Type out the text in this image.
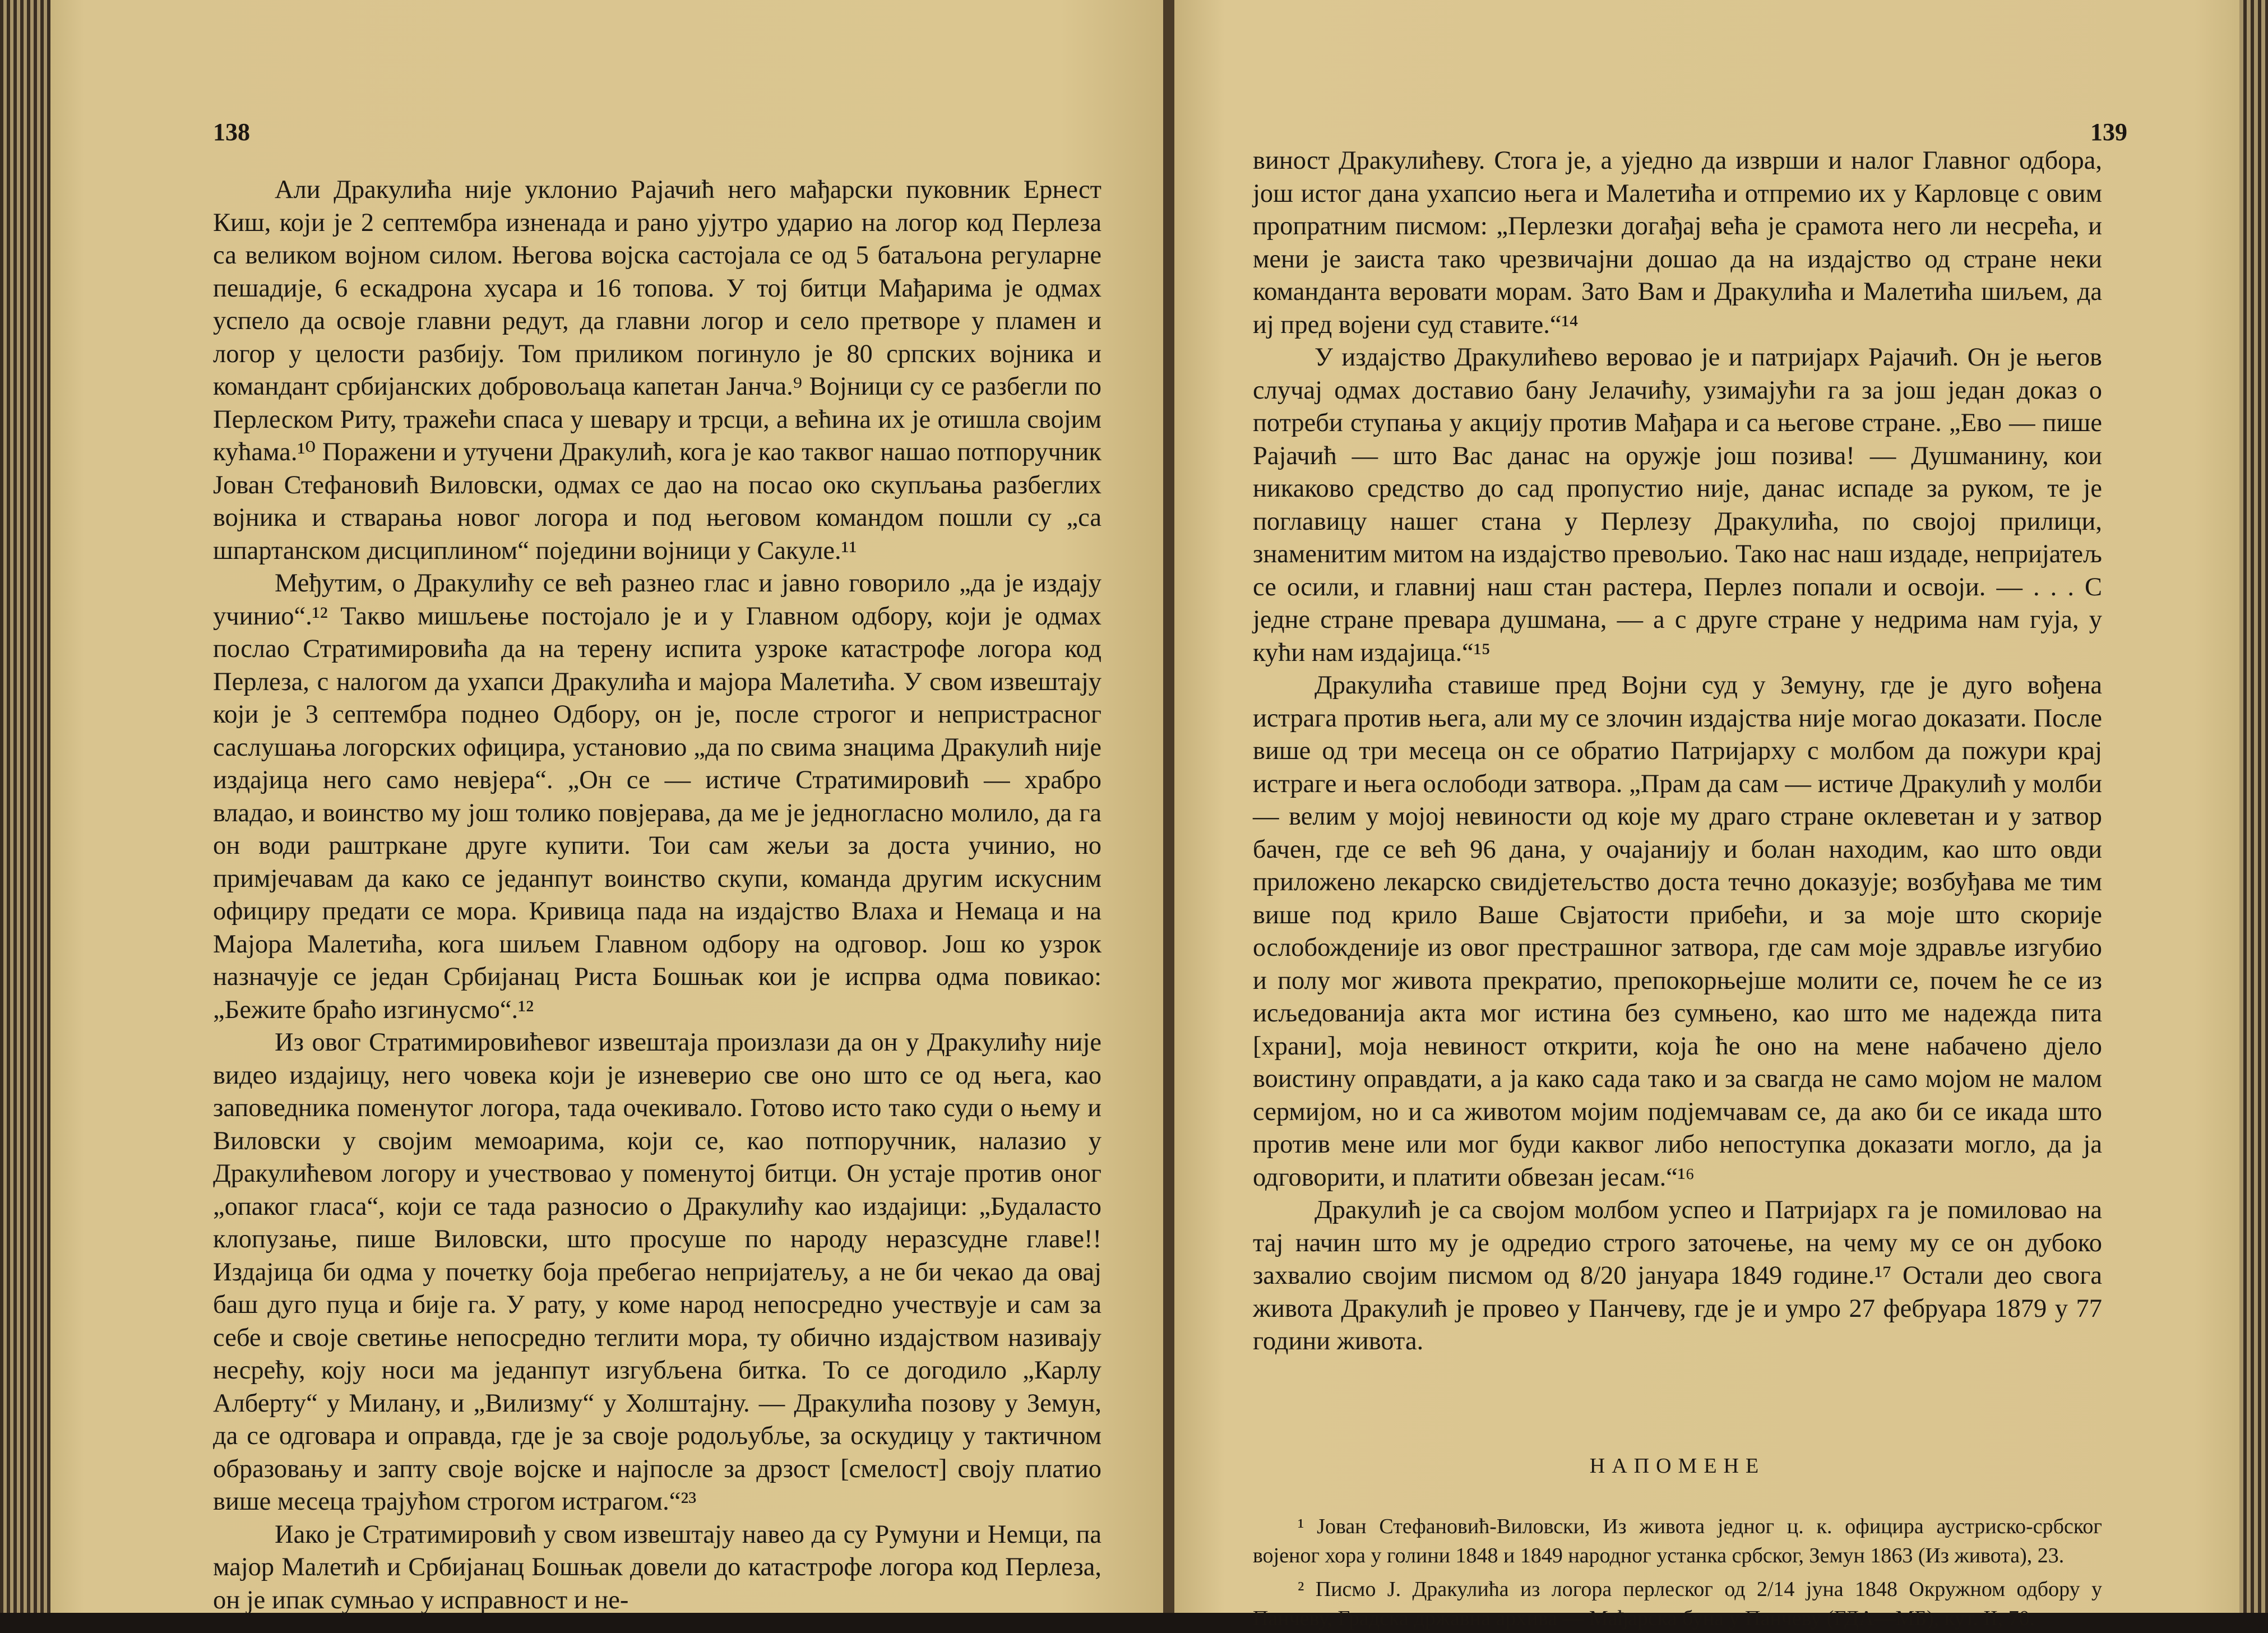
138

Али Дракулића није уклонио Рајачић него мађарски пуковник Ернест Киш, који је 2 септембра изненада и рано ујутро ударио на логор код Перлеза са великом војном силом. Његова војска састојала се од 5 батаљона регуларне пешадије, 6 ескадрона хусара и 16 топова. У тој битци Мађарима је одмах успело да освоје главни редут, да главни логор и село претворе у пламен и логор у целости разбију. Том приликом погинуло је 80 српских војника и командант србијанских добровољаца капетан Јанча.⁹ Војници су се разбегли по Перлеском Риту, тражећи спаса у шевару и трсци, а већина их је отишла својим кућама.¹⁰ Поражени и утучени Дракулић, кога је као таквог нашао потпоручник Јован Стефановић Виловски, одмах се дао на посао око скупљања разбеглих војника и стварања новог логора и под његовом командом пошли су „са шпартанском дисциплином“ поједини војници у Сакуле.¹¹

Међутим, о Дракулићу се већ разнео глас и јавно говорило „да је издају учинио“.¹² Такво мишљење постојало је и у Главном одбору, који је одмах послао Стратимировића да на терену испита узроке катастрофе логора код Перлеза, с налогом да ухапси Дракулића и мајора Малетића. У свом извештају који је 3 септембра поднео Одбору, он је, после строгог и непристрасног саслушања логорских официра, установио „да по свима знацима Дракулић није издајица него само невјера“. „Он се — истиче Стратимировић — храбро владао, и воинство му још толико повјерава, да ме је једногласно молило, да га он води раштркане друге купити. Тои сам жељи за доста учинио, но примјечавам да како се једанпут воинство скупи, команда другим искусним официру предати се мора. Кривица пада на издајство Влаха и Немаца и на Мајора Малетића, кога шиљем Главном одбору на одговор. Још ко узрок назначује се један Србијанац Риста Бошњак кои је испрва одма повикао: „Бежите браћо изгинусмо“.¹²

Из овог Стратимировићевог извештаја произлази да он у Дракулићу није видео издајицу, него човека који је изневерио све оно што се од њега, као заповедника поменутог логора, тада очекивало. Готово исто тако суди о њему и Виловски у својим мемоарима, који се, као потпоручник, налазио у Дракулићевом логору и учествовао у поменутој битци. Он устаје против оног „опаког гласа“, који се тада разносио о Дракулићу као издајици: „Будаласто клопузање, пише Виловски, што просуше по народу неразсудне главе!! Издајица би одма у почетку боја пребегао непријатељу, а не би чекао да овај баш дуго пуца и бије га. У рату, у коме народ непосредно учествује и сам за себе и своје светиње непосредно теглити мора, ту обично издајством називају несрећу, коју носи ма једанпут изгубљена битка. То се догодило „Карлу Алберту“ у Милану, и „Вилизму“ у Холштајну. — Дракулића позову у Земун, да се одговара и оправда, где је за своје родољубље, за оскудицу у тактичном образовању и запту своје војске и најпосле за дрзост [смелост] своју платио више месеца трајућом строгом истрагом.“²³

Иако је Стратимировић у свом извештају навео да су Румуни и Немци, па мајор Малетић и Србијанац Бошњак довели до катастрофе логора код Перлеза, он је ипак сумњао у исправност и не-

139

виност Дракулићеву. Стога је, а уједно да изврши и налог Главног одбора, још истог дана ухапсио њега и Малетића и отпремио их у Карловце с овим пропратним писмом: „Перлезки догађај већа је срамота него ли несрећа, и мени је заиста тако чрезвичајни дошао да на издајство од стране неки команданта веровати морам. Зато Вам и Дракулића и Малетића шиљем, да иј пред војени суд ставите.“¹⁴

У издајство Дракулићево веровао је и патријарх Рајачић. Он је његов случај одмах доставио бану Јелачићу, узимајући га за још један доказ о потреби ступања у акцију против Мађара и са његове стране. „Ево — пише Рајачић — што Вас данас на оружје још позива! — Душманину, кои никаково средство до сад пропустио није, данас испаде за руком, те је поглавицу нашег стана у Перлезу Дракулића, по својој прилици, знаменитим митом на издајство превољио. Тако нас наш издаде, непријатељ се осили, и главниј наш стан растера, Перлез попали и освоји. — . . . С једне стране превара душмана, — а с друге стране у недрима нам гуја, у кући нам издајица.“¹⁵

Дракулића ставише пред Војни суд у Земуну, где је дуго вођена истрага против њега, али му се злочин издајства није могао доказати. После више од три месеца он се обратио Патријарху с молбом да пожури крај истраге и њега ослободи затвора. „Прам да сам — истиче Дракулић у молби — велим у мојој невиности од које му драго стране оклеветан и у затвор бачен, где се већ 96 дана, у очајанију и болан находим, као што овди приложено лекарско свидјетељство доста течно доказује; возбуђава ме тим више под крило Ваше Свјатости прибећи, и за моје што скорије ослобожденије из овог престрашног затвора, где сам моје здравље изгубио и полу мог живота прекратио, препокорњејше молити се, почем ће се из исљедованија акта мог истина без сумњено, као што ме надежда пита [храни], моја невиност открити, која ће оно на мене набачено дјело воистину оправдати, а ја како сада тако и за свагда не само мојом не малом сермијом, но и са животом мојим подјемчавам се, да ако би се икада што против мене или мог буди каквог либо непоступка доказати могло, да ја одговорити, и платити обвезан јесам.“¹⁶

Дракулић је са својом молбом успео и Патријарх га је помиловао на тај начин што му је одредио строго заточење, на чему му се он дубоко захвалио својим писмом од 8/20 јануара 1849 године.¹⁷ Остали део свога живота Дракулић је провео у Панчеву, где је и умро 27 фебруара 1879 у 77 години живота.

НАПОМЕНЕ

¹ Јован Стефановић-Виловски, Из живота једног ц. к. официра аустриско-србског војеног хора у голини 1848 и 1849 народног устанка србског, Земун 1863 (Из живота), 23.

² Писмо Ј. Дракулића из логора перлеског од 2/14 јуна 1848 Окружном одбору у Панчеву, Градска државна архива — Мађарска буна у Панчеву (ГДА—МБ), кут. II, 70.
